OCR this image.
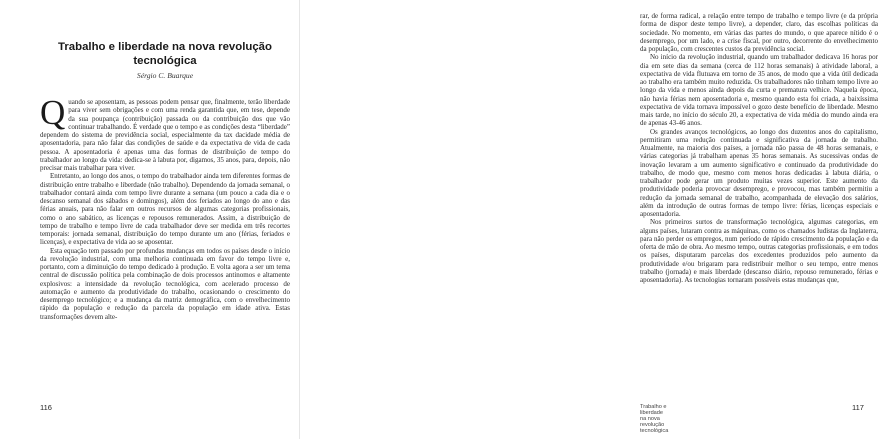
Trabalho e liberdade na nova revolução tecnológica
Sérgio C. Buarque

Quando se aposentam, as pessoas podem pensar que, finalmente, terão liberdade para viver sem obrigações e com uma renda garantida que, em tese, depende da sua poupança (contribuição) passada ou da contribuição dos que vão continuar trabalhando. É verdade que o tempo e as condições desta “liberdade” dependem do sistema de previdência social, especialmente da tax dacidade média de aposentadoria, para não falar das condições de saúde e da expectativa de vida de cada pessoa. A aposentadoria é apenas uma das formas de distribuição de tempo do trabalhador ao longo da vida: dedica-se à labuta por, digamos, 35 anos, para, depois, não precisar mais trabalhar para viver.

Entretanto, ao longo dos anos, o tempo do trabalhador ainda tem diferentes formas de distribuição entre trabalho e liberdade (não trabalho). Dependendo da jornada semanal, o trabalhador contará ainda com tempo livre durante a semana (um pouco a cada dia e o descanso semanal dos sábados e domingos), além dos feriados ao longo do ano e das férias anuais, para não falar em outros recursos de algumas categorias profissionais, como o ano sabático, as licenças e repousos remunerados. Assim, a distribuição de tempo de trabalho e tempo livre de cada trabalhador deve ser medida em três recortes temporais: jornada semanal, distribuição do tempo durante um ano (férias, feriados e licenças), e expectativa de vida ao se aposentar.

Esta equação tem passado por profundas mudanças em todos os países desde o início da revolução industrial, com uma melhoria continuada em favor do tempo livre e, portanto, com a diminuição do tempo dedicado à produção. E volta agora a ser um tema central de discussão política pela combinação de dois processos antinomos e altamente explosivos: a intensidade da revolução tecnológica, com acelerado processo de automação e aumento da produtividade do trabalho, ocasionando o crescimento do desemprego tecnológico; e a mudança da matriz demográfica, com o envelhecimento rápido da população e redução da parcela da população em idade ativa. Estas transformações devem alte-

116

rar, de forma radical, a relação entre tempo de trabalho e tempo livre (e da própria forma de dispor deste tempo livre), a depender, claro, das escolhas políticas da sociedade. No momento, em várias das partes do mundo, o que aparece nítido é o desemprego, por um lado, e a crise fiscal, por outro, decorrente do envelhecimento da população, com crescentes custos da previdência social.

No início da revolução industrial, quando um trabalhador dedicava 16 horas por dia em sete dias da semana (cerca de 112 horas semanais) à atividade laboral, a expectativa de vida flutuava em torno de 35 anos, de modo que a vida útil dedicada ao trabalho era também muito reduzida. Os trabalhadores não tinham tempo livre ao longo da vida e menos ainda depois da curta e prematura velhice. Naquela época, não havia férias nem aposentadoria e, mesmo quando esta foi criada, a baixíssima expectativa de vida tornava impossível o gozo deste benefício de liberdade. Mesmo mais tarde, no início do século 20, a expectativa de vida média do mundo ainda era de apenas 43-46 anos.

Os grandes avanços tecnológicos, ao longo dos duzentos anos do capitalismo, permitiram uma redução continuada e significativa da jornada de trabalho. Atualmente, na maioria dos países, a jornada não passa de 48 horas semanais, e várias categorias já trabalham apenas 35 horas semanais. As sucessivas ondas de inovação levaram a um aumento significativo e continuado da produtividade do trabalho, de modo que, mesmo com menos horas dedicadas à labuta diária, o trabalhador pode gerar um produto muitas vezes superior. Este aumento da produtividade poderia provocar desemprego, e provocou, mas também permitiu a redução da jornada semanal de trabalho, acompanhada de elevação dos salários, além da introdução de outras formas de tempo livre: férias, licenças especiais e aposentadoria.

Nos primeiros surtos de transformação tecnológica, algumas categorias, em alguns países, lutaram contra as máquinas, como os chamados ludistas da Inglaterra, para não perder os empregos, num período de rápido crescimento da população e da oferta de mão de obra. Ao mesmo tempo, outras categorias profissionais, e em todos os países, disputaram parcelas dos excedentes produzidos pelo aumento da produtividade e/ou brigaram para redistribuir melhor o seu tempo, entre menos trabalho (jornada) e mais liberdade (descanso diário, repouso remunerado, férias e aposentadoria). As tecnologias tornaram possíveis estas mudanças que,

Trabalho e liberdade na nova revolução tecnológica
117
